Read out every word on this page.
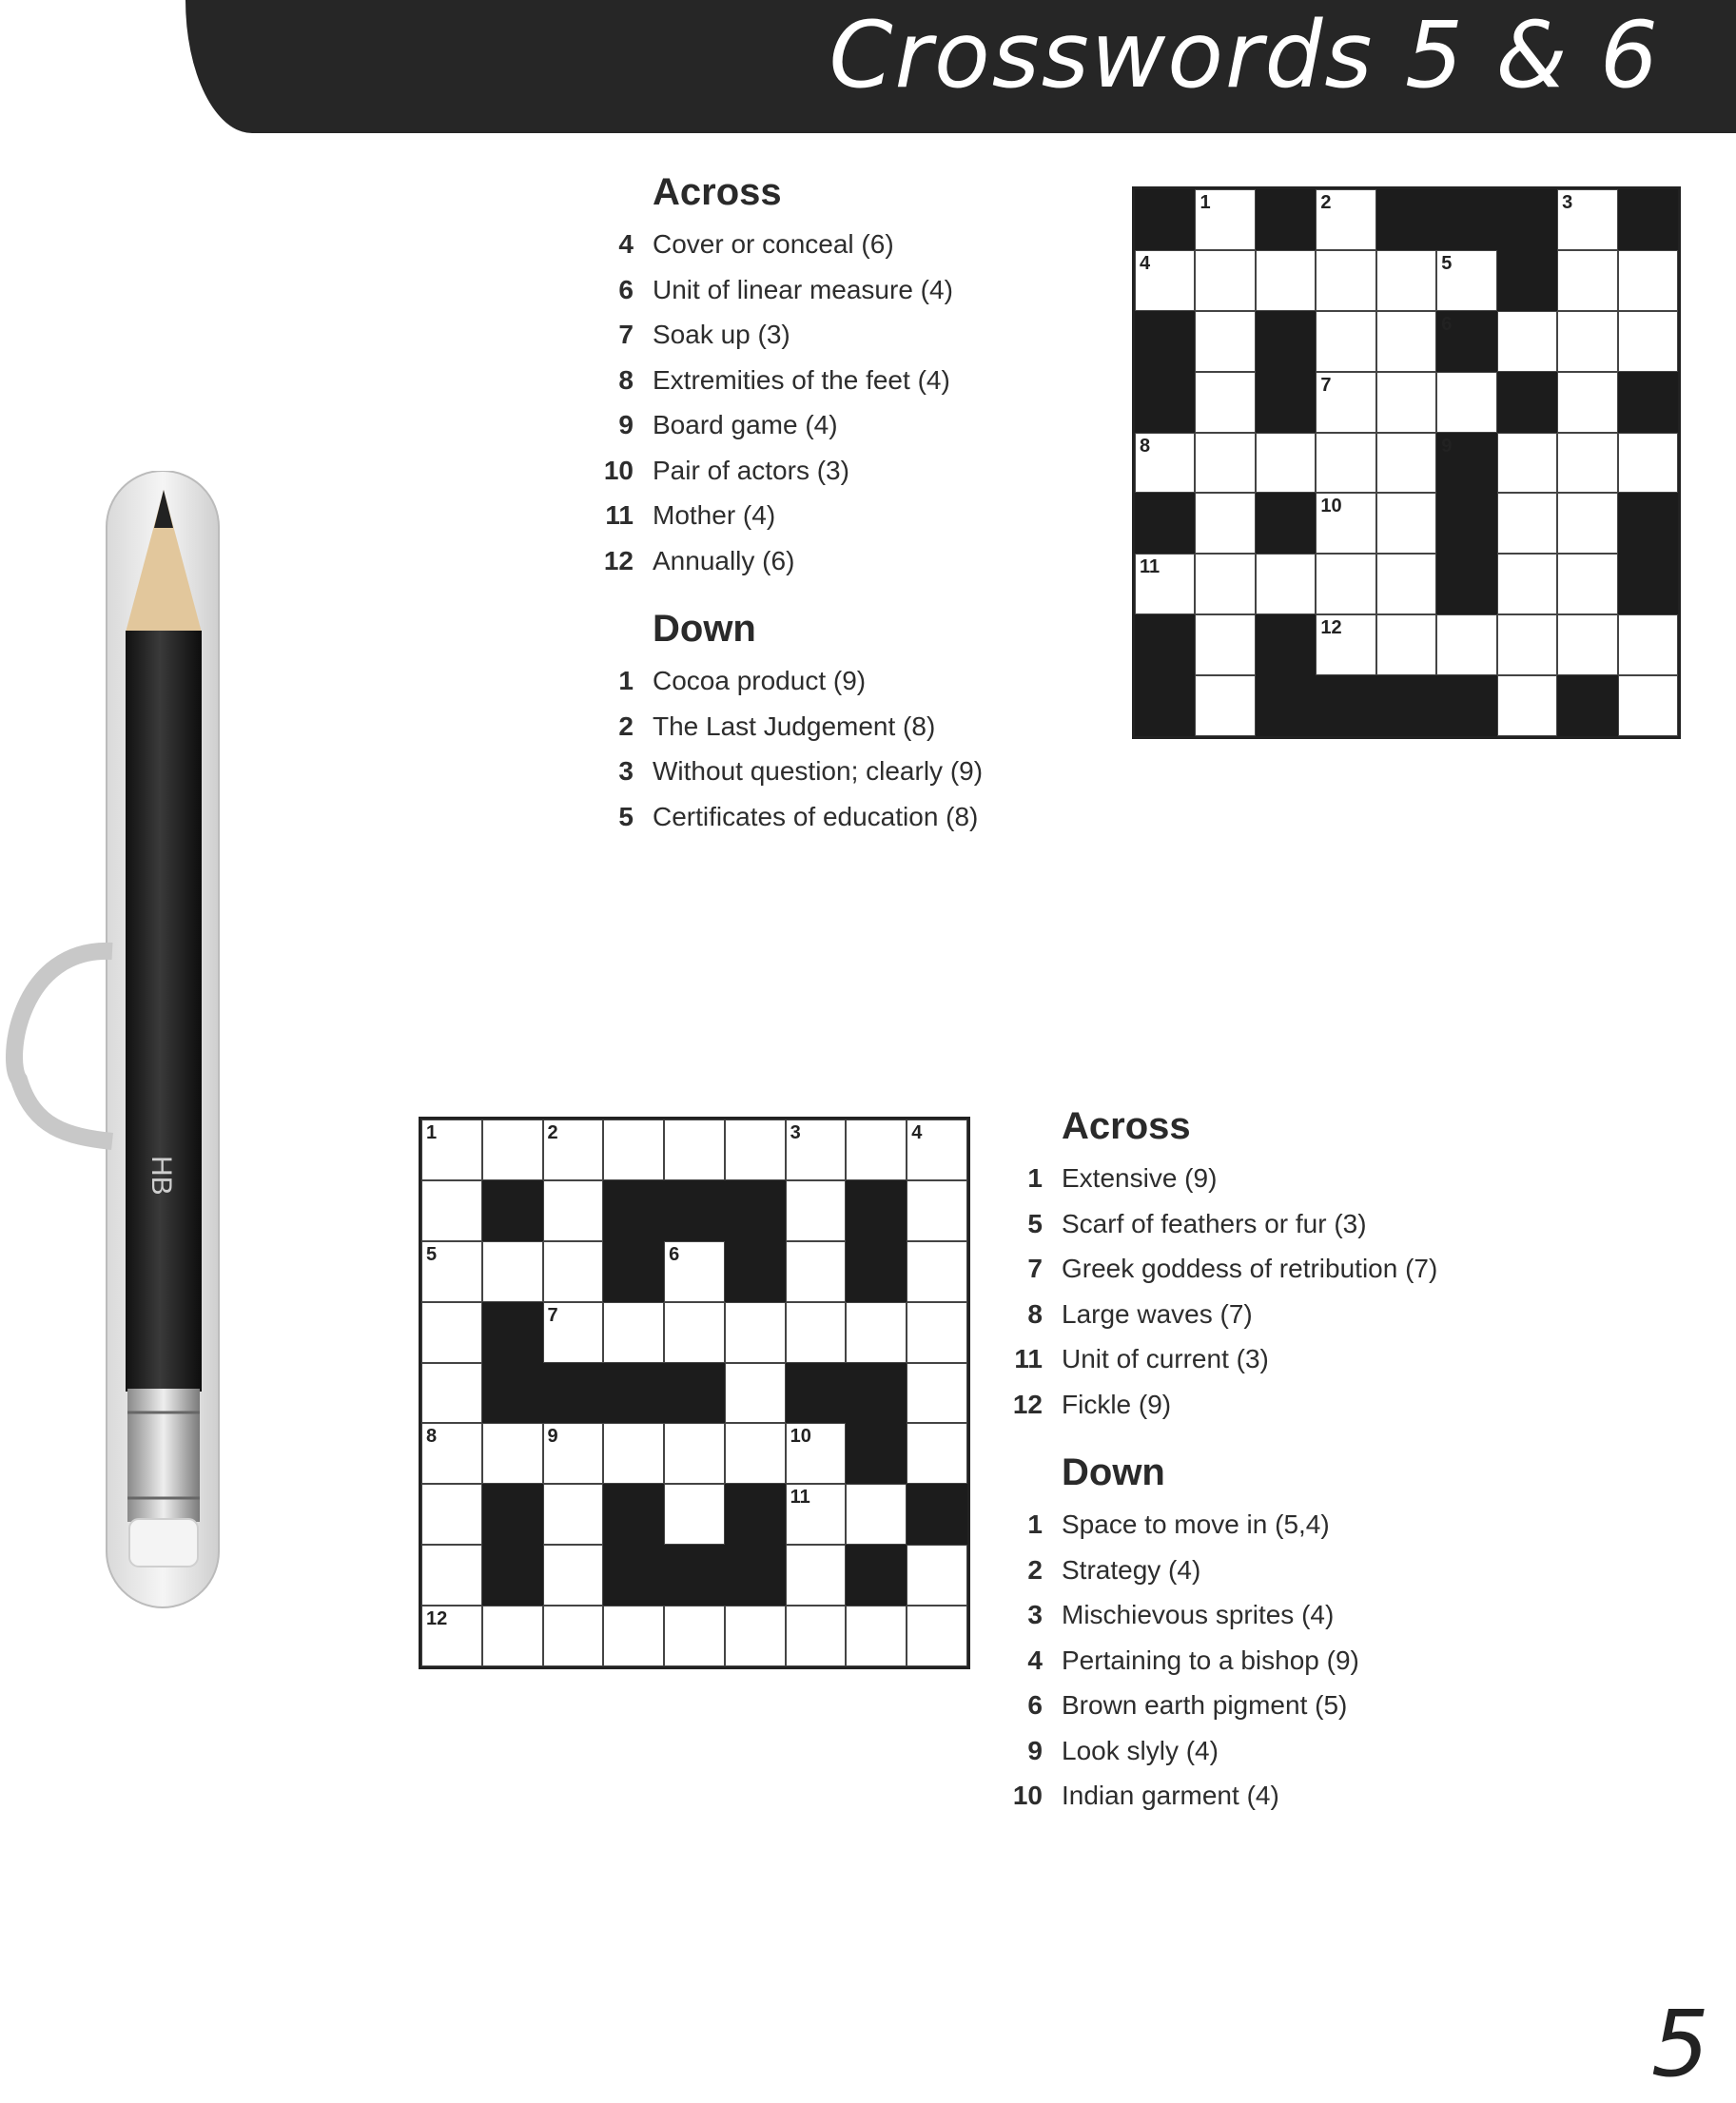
Crosswords 5 & 6
HB
Across
4 Cover or conceal (6)
6 Unit of linear measure (4)
7 Soak up (3)
8 Extremities of the feet (4)
9 Board game (4)
10 Pair of actors (3)
11 Mother (4)
12 Annually (6)
Down
1 Cocoa product (9)
2 The Last Judgement (8)
3 Without question; clearly (9)
5 Certificates of education (8)
1	2	3
4	5
6
7
8	9
10
11
12
1	2	3	4
5	6
7
8	9	10
11
12
Across
1 Extensive (9)
5 Scarf of feathers or fur (3)
7 Greek goddess of retribution (7)
8 Large waves (7)
11 Unit of current (3)
12 Fickle (9)
Down
1 Space to move in (5,4)
2 Strategy (4)
3 Mischievous sprites (4)
4 Pertaining to a bishop (9)
6 Brown earth pigment (5)
9 Look slyly (4)
10 Indian garment (4)
5
